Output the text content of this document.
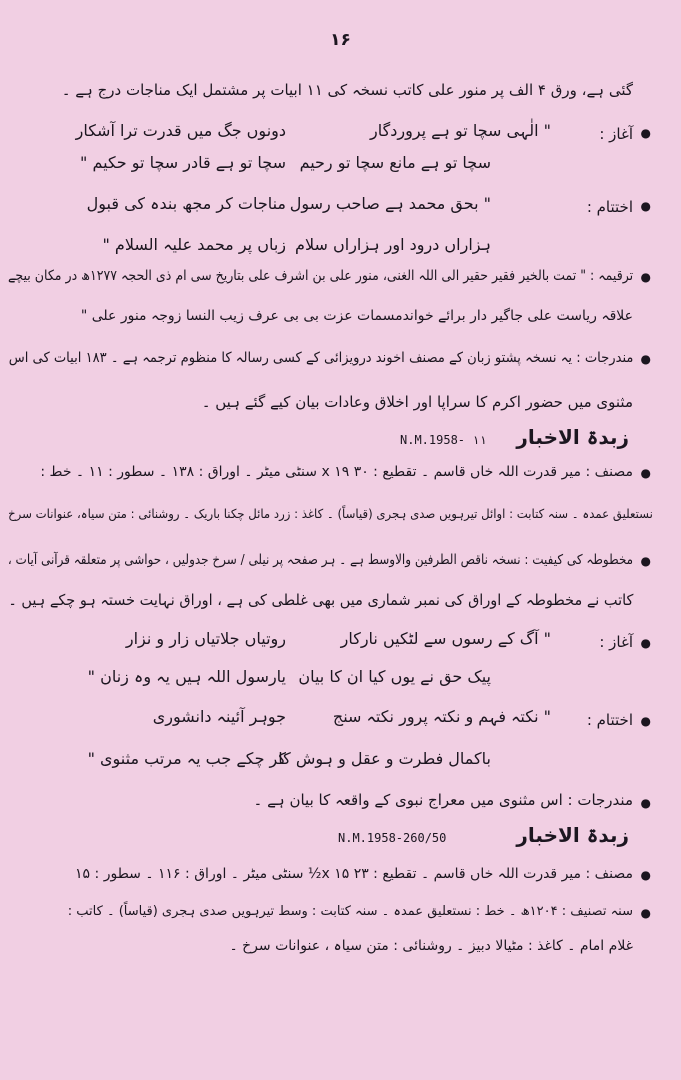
۱۶
گئی ہے، ورق ۴ الف پر منور علی کاتب نسخہ کی ۱۱ ابیات پر مشتمل ایک مناجات درج ہے ۔
●
آغاز :
" الٰہی سچا تو ہے پروردگار
دونوں جگ میں قدرت ترا آشکار
سچا تو ہے مانع سچا تو رحیم
سچا تو ہے قادر سچا تو حکیم "
●
اختتام :
" بحق محمد ہے صاحب رسول
مناجات کر مجھ بندہ کی قبول
ہزاراں درود اور ہزاراں سلام
زباں پر محمد علیہ السلام "
●
ترقیمہ : " تمت بالخیر فقیر حقیر الی اللہ الغنی، منور علی بن اشرف علی بتاریخ سی ام ذی الحجہ ۱۲۷۷ھ در مکان بیچے
علاقہ ریاست علی جاگیر دار برائے خواندمسمات عزت بی بی عرف زیب النسا زوجہ منور علی "
●
مندرجات : یہ نسخہ پشتو زبان کے مصنف اخوند درویزائی کے کسی رسالہ کا منظوم ترجمہ ہے ۔ ۱۸۳ ابیات کی اس
مثنوی میں حضور اکرم کا سراپا اور اخلاق وعادات بیان کیے گئے ہیں ۔
زبدۃ الاخبار
N.M.1958- ۱۱
●
مصنف : میر قدرت اللہ خاں قاسم ۔ تقطیع : ۳۰ x ۱۹ سنٹی میٹر ۔ اوراق : ۱۳۸ ۔ سطور : ۱۱ ۔ خط :
نستعلیق عمدہ ۔ سنہ کتابت : اوائل تیرہویں صدی ہجری (قیاساً) ۔ کاغذ : زرد مائل چکنا باریک ۔ روشنائی : متن سیاہ، عنوانات سرخ
●
مخطوطہ کی کیفیت : نسخہ ناقص الطرفین والاوسط ہے ۔ ہر صفحہ پر نیلی / سرخ جدولیں ، حواشی پر متعلقہ قرآنی آیات ،
کاتب نے مخطوطہ کے اوراق کی نمبر شماری میں بھی غلطی کی ہے ، اوراق نہایت خستہ ہو چکے ہیں ۔
●
آغاز :
" آگ کے رسوں سے لٹکیں نارکار
روتیاں جلاتیاں زار و نزار
پیک حق نے یوں کیا ان کا بیان
یارسول اللہ ہیں یہ وہ زنان "
●
اختتام :
" نکتہ فہم و نکتہ پرور نکتہ سنج
جوہر آئینہ دانشوری
باکمال فطرت و عقل و ہوش کا
کر چکے جب یہ مرتب مثنوی "
●
مندرجات : اس مثنوی میں معراج نبوی کے واقعہ کا بیان ہے ۔
زبدۃ الاخبار
N.M.1958-260/50
●
مصنف : میر قدرت اللہ خاں قاسم ۔ تقطیع : ۲۳ x ۱۵½ سنٹی میٹر ۔ اوراق : ۱۱۶ ۔ سطور : ۱۵
●
سنہ تصنیف : ۱۲۰۴ھ ۔ خط : نستعلیق عمدہ ۔ سنہ کتابت : وسط تیرہویں صدی ہجری (قیاساً) ۔ کاتب :
غلام امام ۔ کاغذ : مٹیالا دبیز ۔ روشنائی : متن سیاہ ، عنوانات سرخ ۔
